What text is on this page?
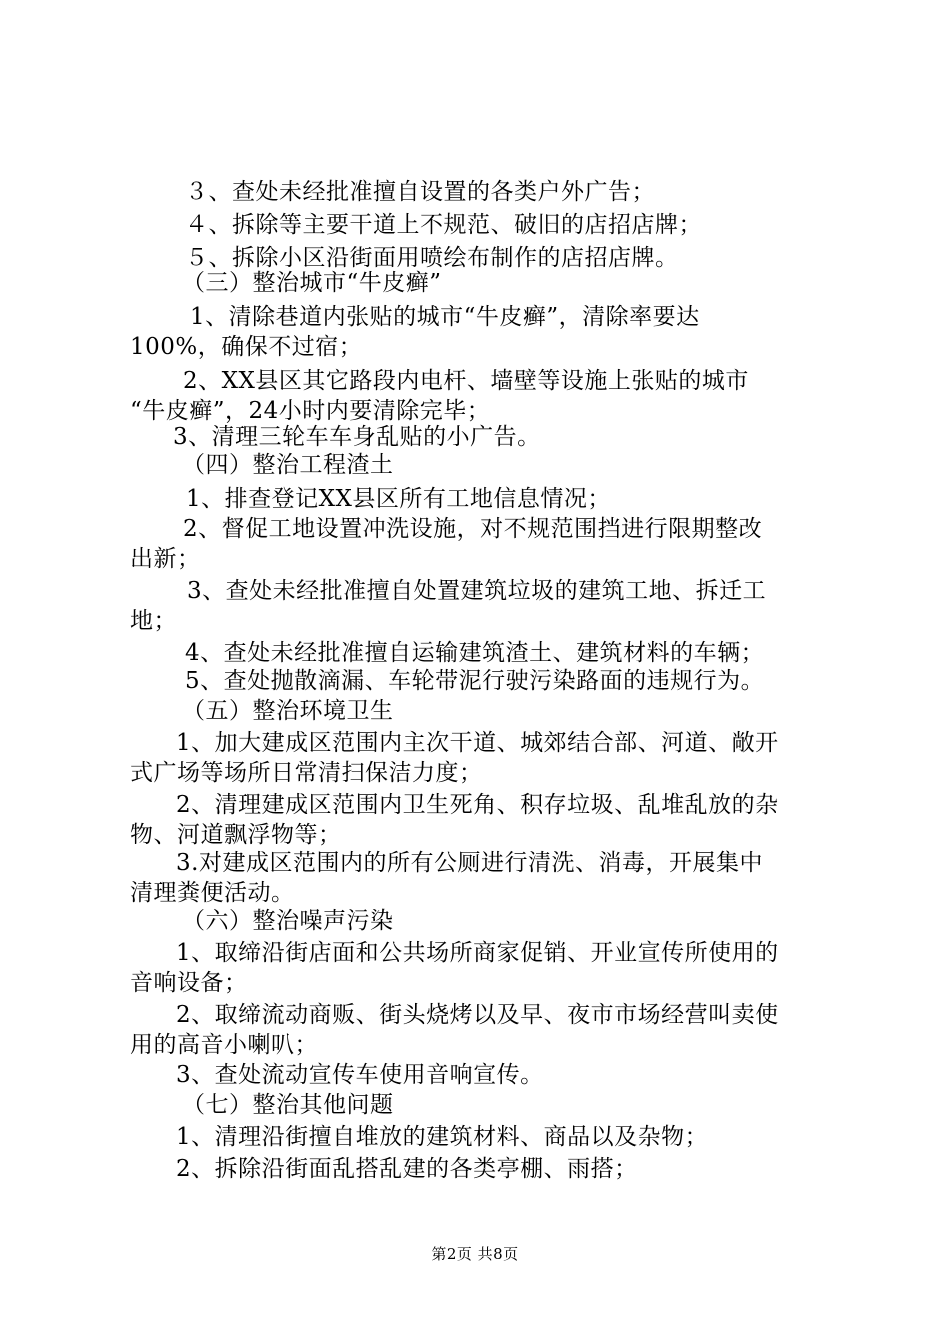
３、查处未经批准擅自设置的各类户外广告；
４、拆除等主要干道上不规范、破旧的店招店牌；
５、拆除小区沿街面用喷绘布制作的店招店牌。
（三）整治城市“牛皮癣”
1、清除巷道内张贴的城市“牛皮癣”，清除率要达
100%，确保不过宿；
2、XX县区其它路段内电杆、墙壁等设施上张贴的城市
“牛皮癣”，24小时内要清除完毕；
3、清理三轮车车身乱贴的小广告。
（四）整治工程渣土
1、排查登记XX县区所有工地信息情况；
2、督促工地设置冲洗设施，对不规范围挡进行限期整改
出新；
3、查处未经批准擅自处置建筑垃圾的建筑工地、拆迁工
地；
4、查处未经批准擅自运输建筑渣土、建筑材料的车辆；
5、查处抛散滴漏、车轮带泥行驶污染路面的违规行为。
（五）整治环境卫生
1、加大建成区范围内主次干道、城郊结合部、河道、敞开
式广场等场所日常清扫保洁力度；
2、清理建成区范围内卫生死角、积存垃圾、乱堆乱放的杂
物、河道飘浮物等；
3.对建成区范围内的所有公厕进行清洗、消毒，开展集中
清理粪便活动。
（六）整治噪声污染
1、取缔沿街店面和公共场所商家促销、开业宣传所使用的
音响设备；
2、取缔流动商贩、街头烧烤以及早、夜市市场经营叫卖使
用的高音小喇叭；
3、查处流动宣传车使用音响宣传。
（七）整治其他问题
1、清理沿街擅自堆放的建筑材料、商品以及杂物；
2、拆除沿街面乱搭乱建的各类亭棚、雨搭；
第2页 共8页
